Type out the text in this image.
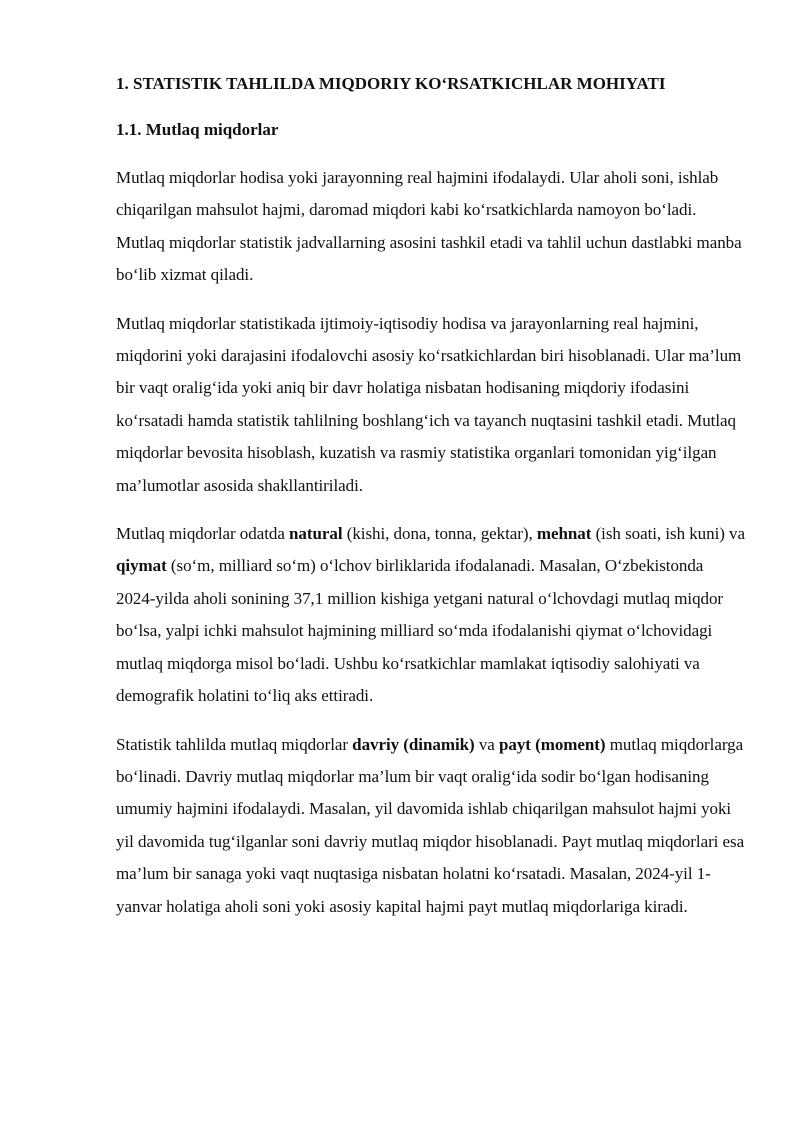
1. STATISTIK TAHLILDA MIQDORIY KO‘RSATKICHLAR MOHIYATI
1.1. Mutlaq miqdorlar

Mutlaq miqdorlar hodisa yoki jarayonning real hajmini ifodalaydi. Ular aholi soni, ishlab chiqarilgan mahsulot hajmi, daromad miqdori kabi ko‘rsatkichlarda namoyon bo‘ladi. Mutlaq miqdorlar statistik jadvallarning asosini tashkil etadi va tahlil uchun dastlabki manba bo‘lib xizmat qiladi.

Mutlaq miqdorlar statistikada ijtimoiy-iqtisodiy hodisa va jarayonlarning real hajmini, miqdorini yoki darajasini ifodalovchi asosiy ko‘rsatkichlardan biri hisoblanadi. Ular ma’lum bir vaqt oralig‘ida yoki aniq bir davr holatiga nisbatan hodisaning miqdoriy ifodasini ko‘rsatadi hamda statistik tahlilning boshlang‘ich va tayanch nuqtasini tashkil etadi. Mutlaq miqdorlar bevosita hisoblash, kuzatish va rasmiy statistika organlari tomonidan yig‘ilgan ma’lumotlar asosida shakllantiriladi.

Mutlaq miqdorlar odatda natural (kishi, dona, tonna, gektar), mehnat (ish soati, ish kuni) va qiymat (so‘m, milliard so‘m) o‘lchov birliklarida ifodalanadi. Masalan, O‘zbekistonda 2024-yilda aholi sonining 37,1 million kishiga yetgani natural o‘lchovdagi mutlaq miqdor bo‘lsa, yalpi ichki mahsulot hajmining milliard so‘mda ifodalanishi qiymat o‘lchovidagi mutlaq miqdorga misol bo‘ladi. Ushbu ko‘rsatkichlar mamlakat iqtisodiy salohiyati va demografik holatini to‘liq aks ettiradi.

Statistik tahlilda mutlaq miqdorlar davriy (dinamik) va payt (moment) mutlaq miqdorlarga bo‘linadi. Davriy mutlaq miqdorlar ma’lum bir vaqt oralig‘ida sodir bo‘lgan hodisaning umumiy hajmini ifodalaydi. Masalan, yil davomida ishlab chiqarilgan mahsulot hajmi yoki yil davomida tug‘ilganlar soni davriy mutlaq miqdor hisoblanadi. Payt mutlaq miqdorlari esa ma’lum bir sanaga yoki vaqt nuqtasiga nisbatan holatni ko‘rsatadi. Masalan, 2024-yil 1-yanvar holatiga aholi soni yoki asosiy kapital hajmi payt mutlaq miqdorlariga kiradi.
